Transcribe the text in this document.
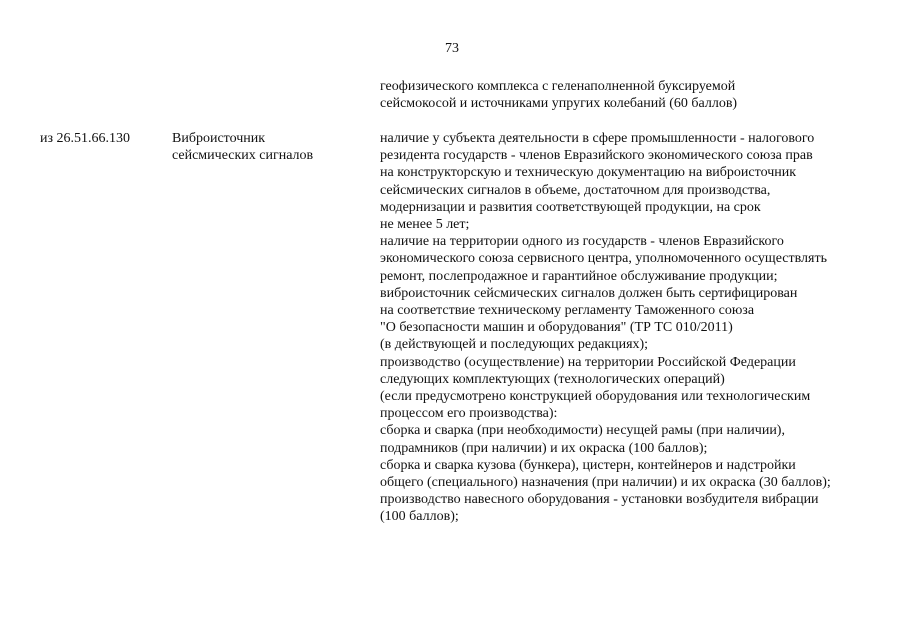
73
геофизического комплекса с геленаполненной буксируемой
сейсмокосой и источниками упругих колебаний (60 баллов)
из 26.51.66.130	Виброисточник
сейсмических сигналов
наличие у субъекта деятельности в сфере промышленности - налогового
резидента государств - членов Евразийского экономического союза прав
на конструкторскую и техническую документацию на виброисточник
сейсмических сигналов в объеме, достаточном для производства,
модернизации и развития соответствующей продукции, на срок
не менее 5 лет;
наличие на территории одного из государств - членов Евразийского
экономического союза сервисного центра, уполномоченного осуществлять
ремонт, послепродажное и гарантийное обслуживание продукции;
виброисточник сейсмических сигналов должен быть сертифицирован
на соответствие техническому регламенту Таможенного союза
"О безопасности машин и оборудования" (ТР ТС 010/2011)
(в действующей и последующих редакциях);
производство (осуществление) на территории Российской Федерации
следующих комплектующих (технологических операций)
(если предусмотрено конструкцией оборудования или технологическим
процессом его производства):
сборка и сварка (при необходимости) несущей рамы (при наличии),
подрамников (при наличии) и их окраска (100 баллов);
сборка и сварка кузова (бункера), цистерн, контейнеров и надстройки
общего (специального) назначения (при наличии) и их окраска (30 баллов);
производство навесного оборудования - установки возбудителя вибрации
(100 баллов);
